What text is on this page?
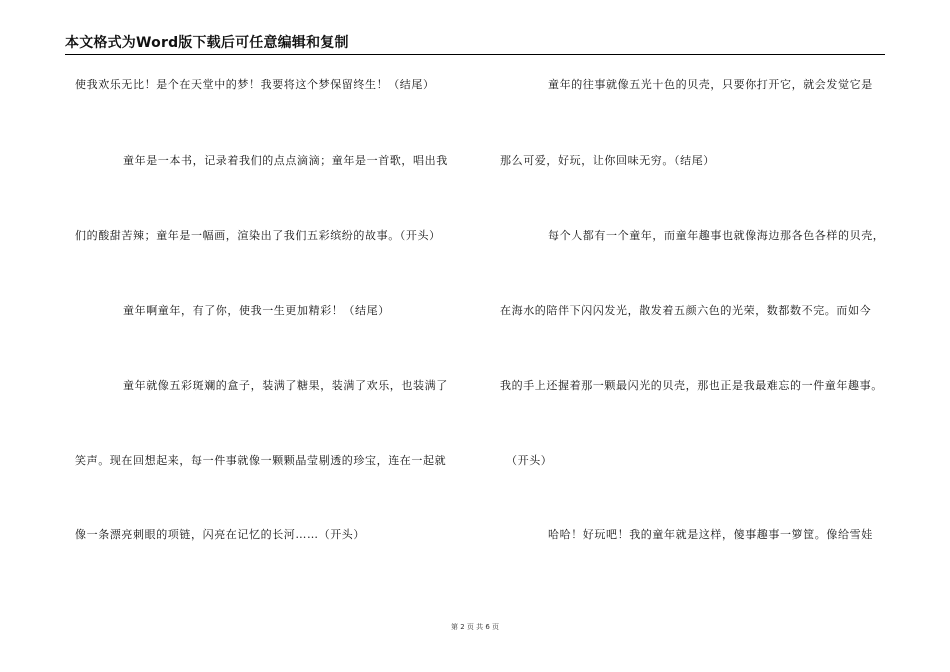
本文格式为Word版下载后可任意编辑和复制
使我欢乐无比！是个在天堂中的梦！我要将这个梦保留终生！（结尾）
童年是一本书，记录着我们的点点滴滴；童年是一首歌，唱出我
们的酸甜苦辣；童年是一幅画，渲染出了我们五彩缤纷的故事。（开头）
童年啊童年，有了你，使我一生更加精彩！（结尾）
童年就像五彩斑斓的盒子，装满了糖果，装满了欢乐，也装满了
笑声。现在回想起来，每一件事就像一颗颗晶莹剔透的珍宝，连在一起就
像一条漂亮刺眼的项链，闪亮在记忆的长河……（开头）
童年的往事就像五光十色的贝壳，只要你打开它，就会发觉它是
那么可爱，好玩，让你回味无穷。（结尾）
每个人都有一个童年，而童年趣事也就像海边那各色各样的贝壳，
在海水的陪伴下闪闪发光，散发着五颜六色的光荣，数都数不完。而如今
我的手上还握着那一颗最闪光的贝壳，那也正是我最难忘的一件童年趣事。
（开头）
哈哈！好玩吧！我的童年就是这样，傻事趣事一箩筐。像给雪娃
第 2 页 共 6 页
